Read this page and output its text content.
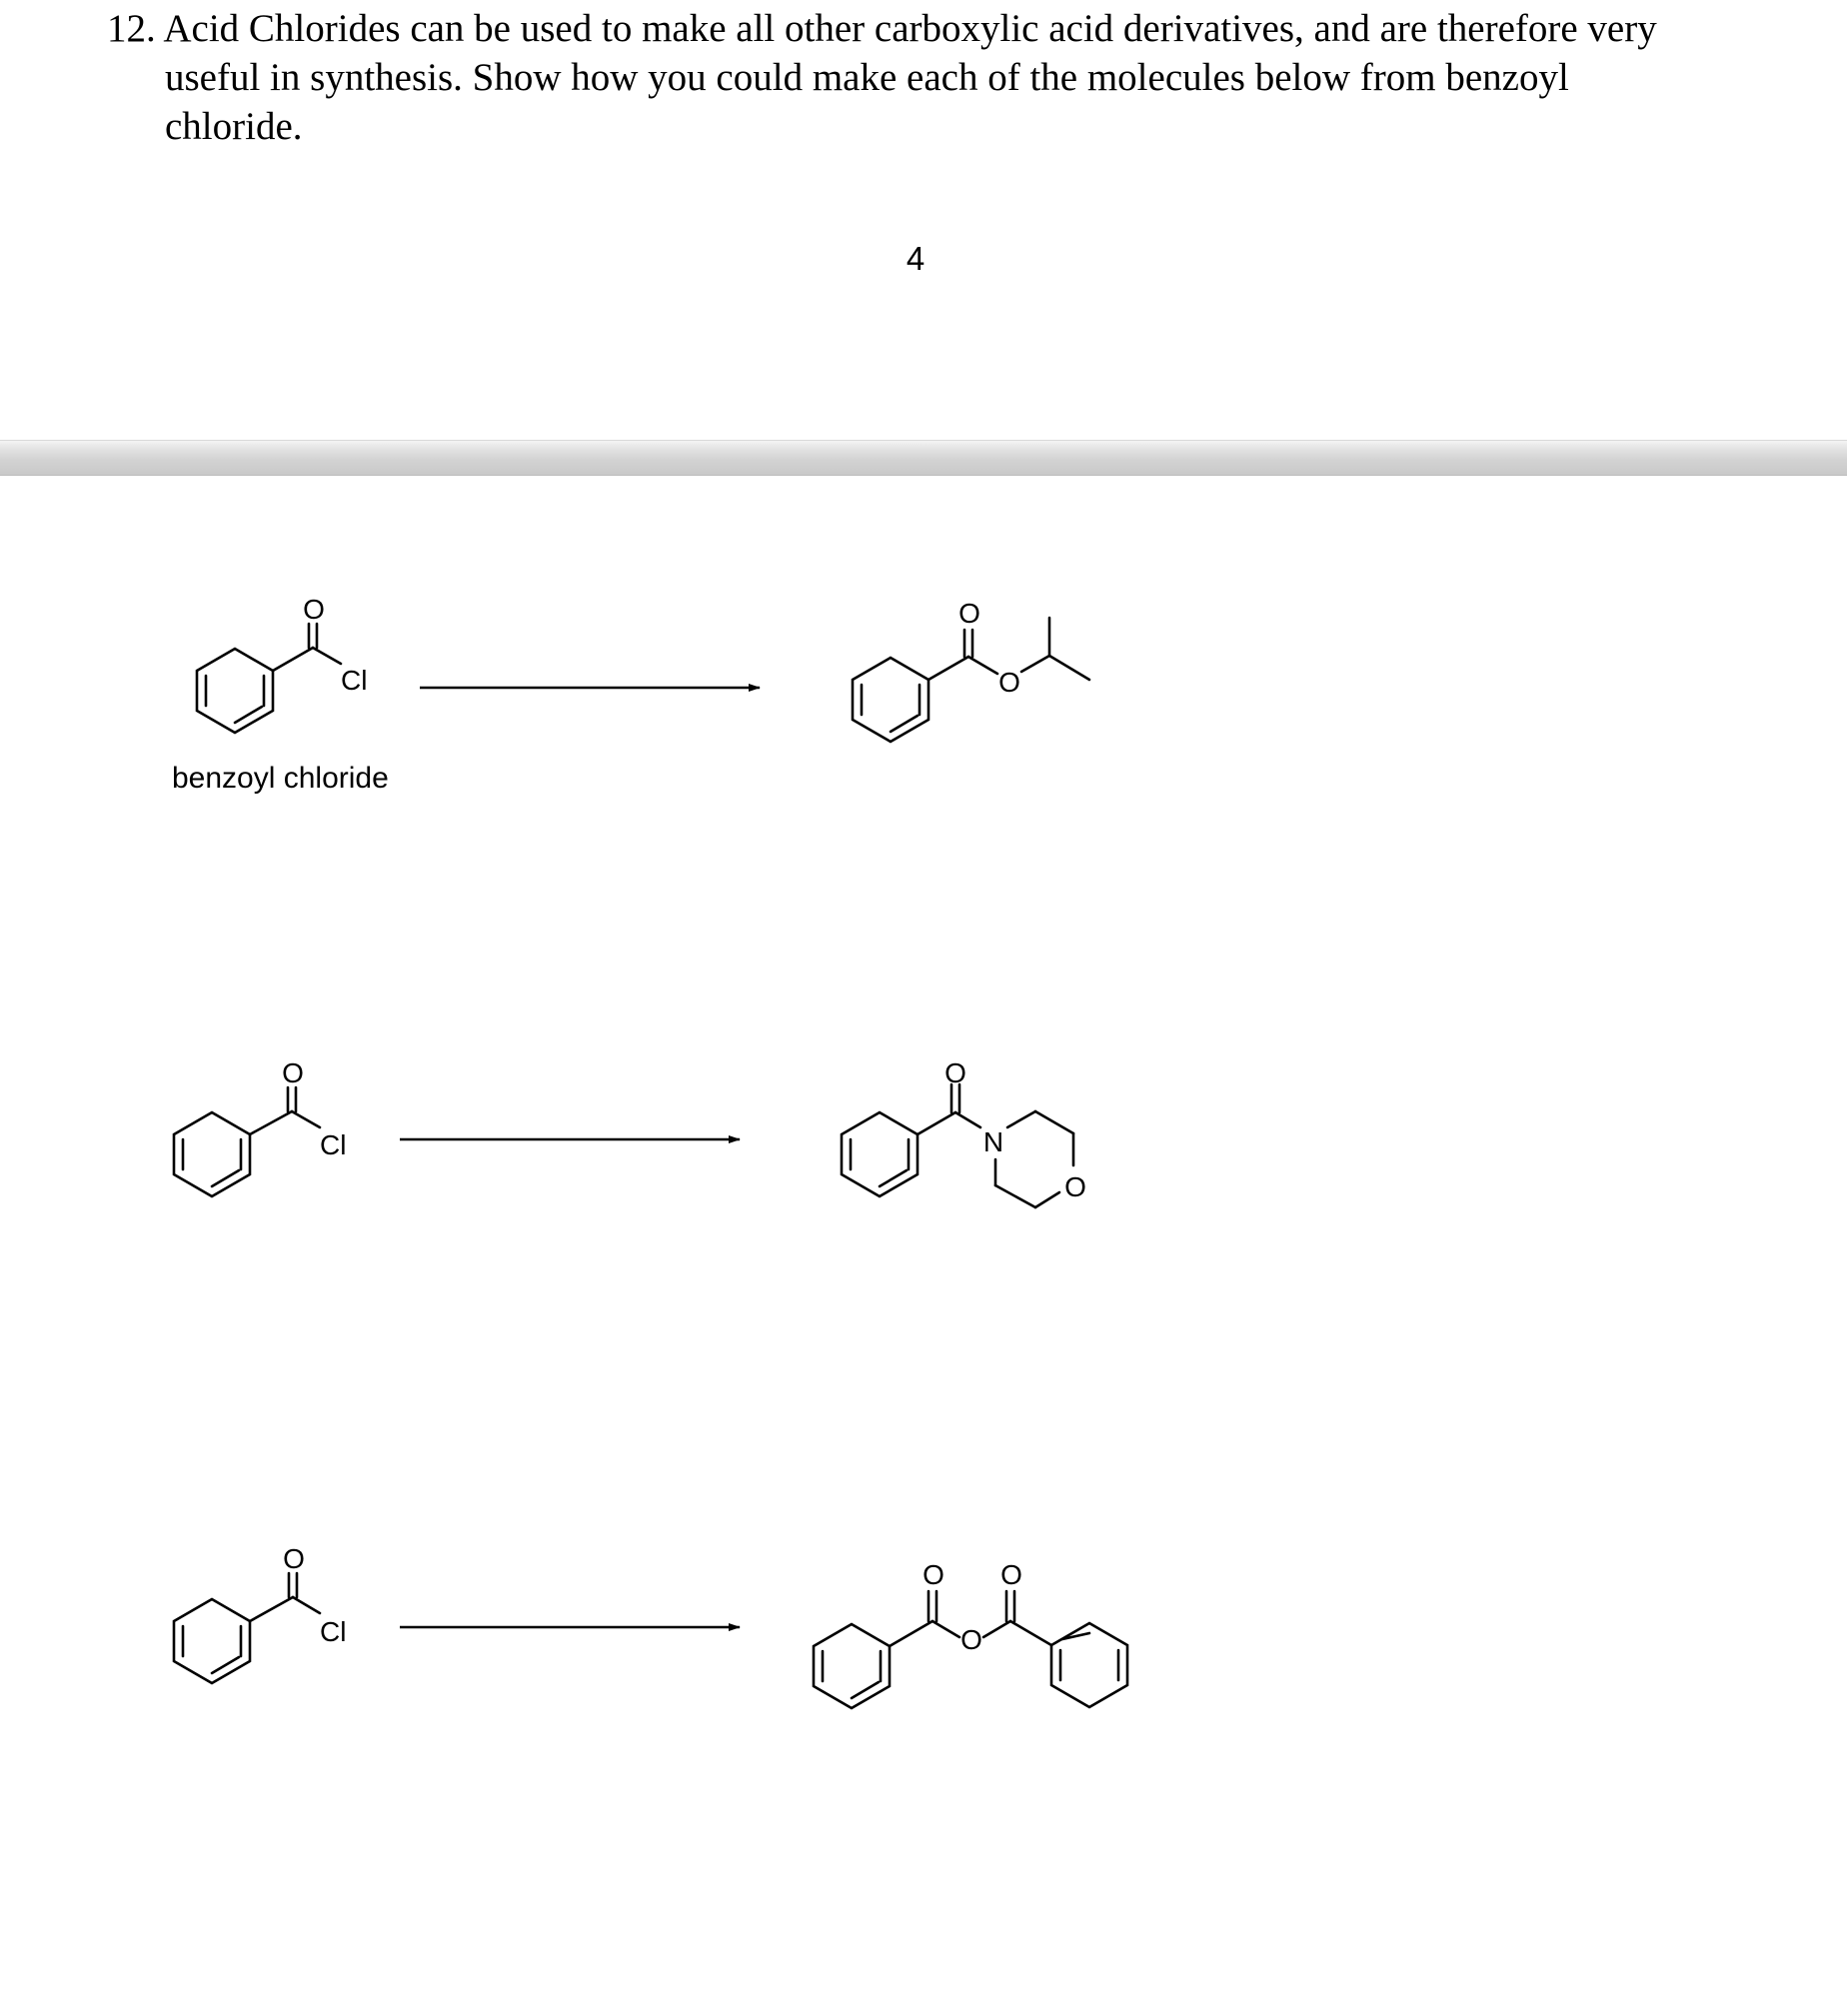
12. Acid Chlorides can be used to make all other carboxylic acid derivatives, and are therefore very
useful in synthesis. Show how you could make each of the molecules below from benzoyl
chloride.

4
O
Cl
benzoyl chloride
O
O
O
Cl
O
N
O
O
Cl
O
O
O
